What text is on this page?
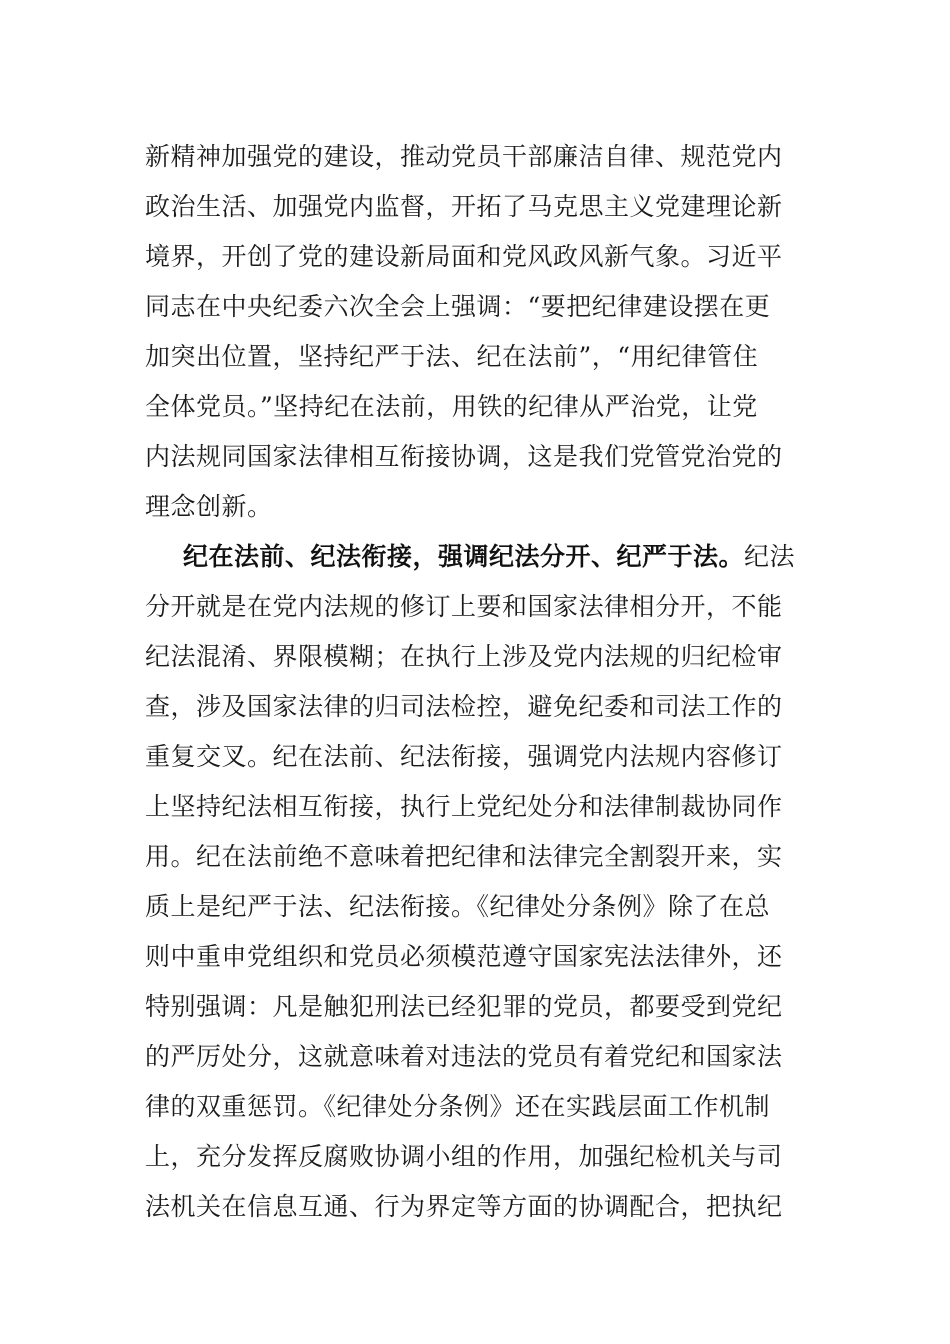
新精神加强党的建设，推动党员干部廉洁自律、规范党内
政治生活、加强党内监督，开拓了马克思主义党建理论新
境界，开创了党的建设新局面和党风政风新气象。习近平
同志在中央纪委六次全会上强调：“要把纪律建设摆在更
加突出位置，坚持纪严于法、纪在法前”，“用纪律管住
全体党员。”坚持纪在法前，用铁的纪律从严治党，让党
内法规同国家法律相互衔接协调，这是我们党管党治党的
理念创新。
纪在法前、纪法衔接，强调纪法分开、纪严于法。纪法
分开就是在党内法规的修订上要和国家法律相分开，不能
纪法混淆、界限模糊；在执行上涉及党内法规的归纪检审
查，涉及国家法律的归司法检控，避免纪委和司法工作的
重复交叉。纪在法前、纪法衔接，强调党内法规内容修订
上坚持纪法相互衔接，执行上党纪处分和法律制裁协同作
用。纪在法前绝不意味着把纪律和法律完全割裂开来，实
质上是纪严于法、纪法衔接。《纪律处分条例》除了在总
则中重申党组织和党员必须模范遵守国家宪法法律外，还
特别强调：凡是触犯刑法已经犯罪的党员，都要受到党纪
的严厉处分，这就意味着对违法的党员有着党纪和国家法
律的双重惩罚。《纪律处分条例》还在实践层面工作机制
上，充分发挥反腐败协调小组的作用，加强纪检机关与司
法机关在信息互通、行为界定等方面的协调配合，把执纪
